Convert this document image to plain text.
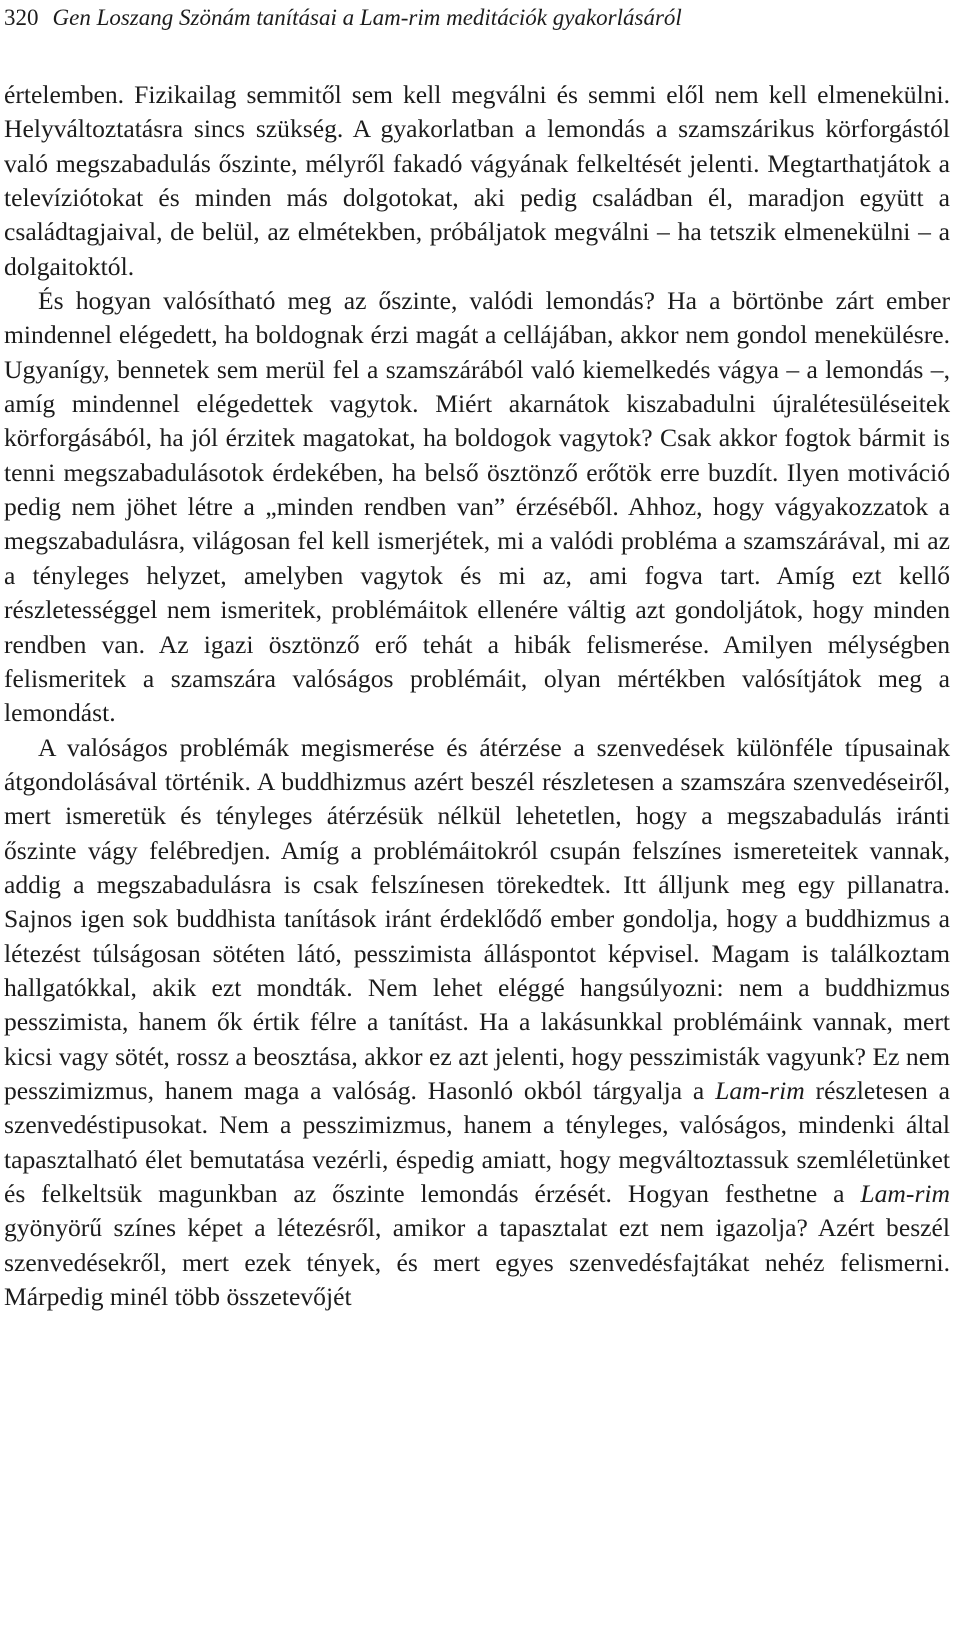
320 Gen Loszang Szönám tanításai a Lam-rim meditációk gyakorlásáról

értelemben. Fizikailag semmitől sem kell megválni és semmi elől nem kell elmenekülni. Helyváltoztatásra sincs szükség. A gyakorlatban a lemondás a szamszárikus körforgástól való megszabadulás őszinte, mélyről fakadó vágyának felkeltését jelenti. Megtarthatjátok a televíziótokat és minden más dolgotokat, aki pedig családban él, maradjon együtt a családtagjaival, de belül, az elmétekben, próbáljatok megválni – ha tetszik elmenekülni – a dolgaitoktól.

És hogyan valósítható meg az őszinte, valódi lemondás? Ha a börtönbe zárt ember mindennel elégedett, ha boldognak érzi magát a cellájában, akkor nem gondol menekülésre. Ugyanígy, bennetek sem merül fel a szamszárából való kiemelkedés vágya – a lemondás –, amíg mindennel elégedettek vagytok. Miért akarnátok kiszabadulni újralétesüléseitek körforgásából, ha jól érzitek magatokat, ha boldogok vagytok? Csak akkor fogtok bármit is tenni megszabadulásotok érdekében, ha belső ösztönző erőtök erre buzdít. Ilyen motiváció pedig nem jöhet létre a „minden rendben van” érzéséből. Ahhoz, hogy vágyakozzatok a megszabadulásra, világosan fel kell ismerjétek, mi a valódi probléma a szamszárával, mi az a tényleges helyzet, amelyben vagytok és mi az, ami fogva tart. Amíg ezt kellő részletességgel nem ismeritek, problémáitok ellenére váltig azt gondoljátok, hogy minden rendben van. Az igazi ösztönző erő tehát a hibák felismerése. Amilyen mélységben felismeritek a szamszára valóságos problémáit, olyan mértékben valósítjátok meg a lemondást.

A valóságos problémák megismerése és átérzése a szenvedések különféle típusainak átgondolásával történik. A buddhizmus azért beszél részletesen a szamszára szenvedéseiről, mert ismeretük és tényleges átérzésük nélkül lehetetlen, hogy a megszabadulás iránti őszinte vágy felébredjen. Amíg a problémáitokról csupán felszínes ismereteitek vannak, addig a megszabadulásra is csak felszínesen törekedtek. Itt álljunk meg egy pillanatra. Sajnos igen sok buddhista tanítások iránt érdeklődő ember gondolja, hogy a buddhizmus a létezést túlságosan sötéten látó, pesszimista álláspontot képvisel. Magam is találkoztam hallgatókkal, akik ezt mondták. Nem lehet eléggé hangsúlyozni: nem a buddhizmus pesszimista, hanem ők értik félre a tanítást. Ha a lakásunkkal problémáink vannak, mert kicsi vagy sötét, rossz a beosztása, akkor ez azt jelenti, hogy pesszimisták vagyunk? Ez nem pesszimizmus, hanem maga a valóság. Hasonló okból tárgyalja a Lam-rim részletesen a szenvedéstipusokat. Nem a pesszimizmus, hanem a tényleges, valóságos, mindenki által tapasztalható élet bemutatása vezérli, éspedig amiatt, hogy megváltoztassuk szemléletünket és felkeltsük magunkban az őszinte lemondás érzését. Hogyan festhetne a Lam-rim gyönyörű színes képet a létezésről, amikor a tapasztalat ezt nem igazolja? Azért beszél szenvedésekről, mert ezek tények, és mert egyes szenvedésfajtákat nehéz felismerni. Márpedig minél több összetevőjét
